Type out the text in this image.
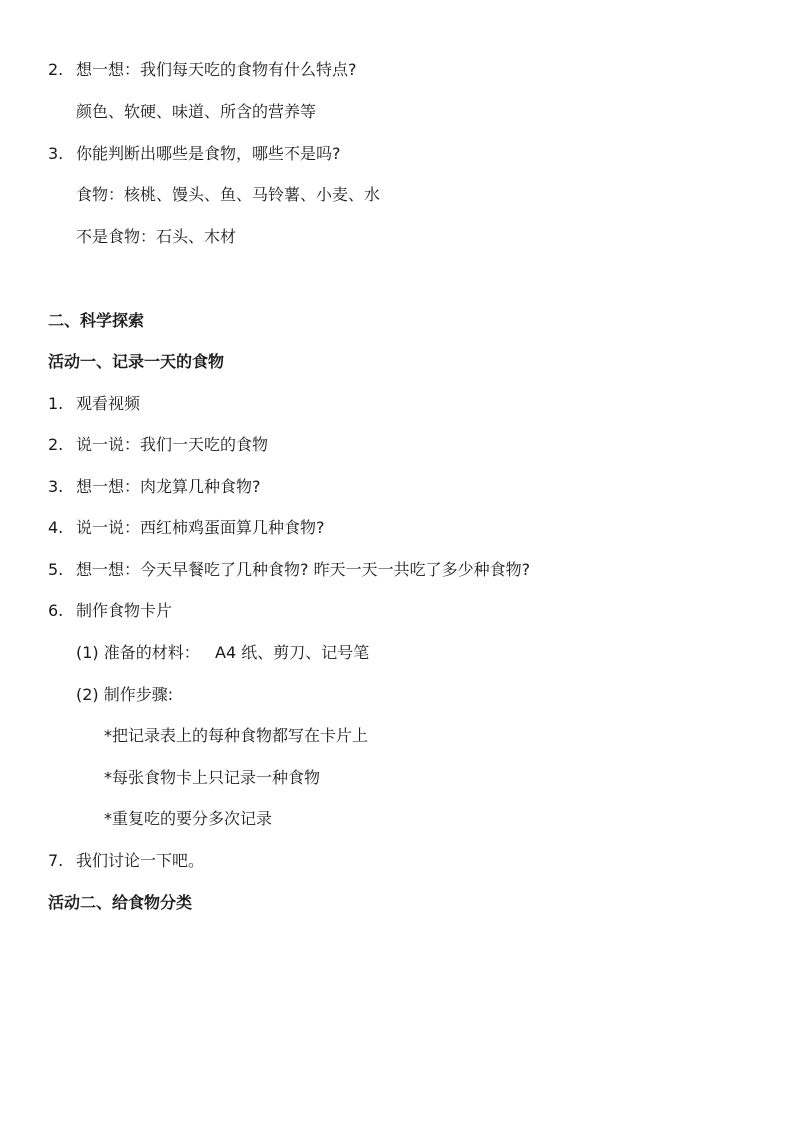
2. 想一想：我们每天吃的食物有什么特点?
颜色、软硬、味道、所含的营养等
3. 你能判断出哪些是食物，哪些不是吗?
食物：核桃、馒头、鱼、马铃薯、小麦、水
不是食物：石头、木材
二、科学探索
活动一、记录一天的食物
1. 观看视频
2. 说一说：我们一天吃的食物
3. 想一想：肉龙算几种食物?
4. 说一说：西红柿鸡蛋面算几种食物?
5. 想一想：今天早餐吃了几种食物? 昨天一天一共吃了多少种食物?
6. 制作食物卡片
(1) 准备的材料：   A4 纸、剪刀、记号笔
(2) 制作步骤:
*把记录表上的每种食物都写在卡片上
*每张食物卡上只记录一种食物
*重复吃的要分多次记录
7. 我们讨论一下吧。
活动二、给食物分类
